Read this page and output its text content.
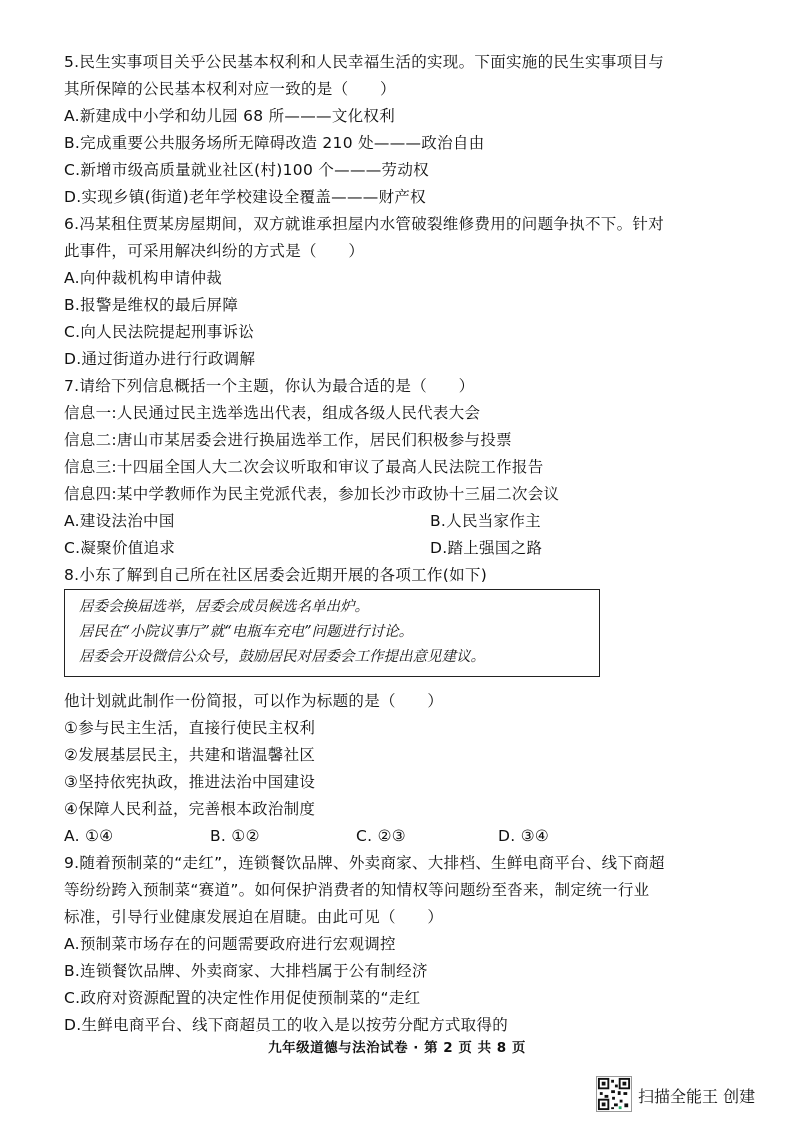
5.民生实事项目关乎公民基本权利和人民幸福生活的实现。下面实施的民生实事项目与
其所保障的公民基本权利对应一致的是（　　）
A.新建成中小学和幼儿园 68 所———文化权利
B.完成重要公共服务场所无障碍改造 210 处———政治自由
C.新增市级高质量就业社区(村)100 个———劳动权
D.实现乡镇(街道)老年学校建设全覆盖———财产权
6.冯某租住贾某房屋期间，双方就谁承担屋内水管破裂维修费用的问题争执不下。针对
此事件，可采用解决纠纷的方式是（　　）
A.向仲裁机构申请仲裁
B.报警是维权的最后屏障
C.向人民法院提起刑事诉讼
D.通过街道办进行行政调解
7.请给下列信息概括一个主题，你认为最合适的是（　　）
信息一:人民通过民主选举选出代表，组成各级人民代表大会
信息二:唐山市某居委会进行换届选举工作，居民们积极参与投票
信息三:十四届全国人大二次会议听取和审议了最高人民法院工作报告
信息四:某中学教师作为民主党派代表，参加长沙市政协十三届二次会议
A.建设法治中国	B.人民当家作主
C.凝聚价值追求	D.踏上强国之路
8.小东了解到自己所在社区居委会近期开展的各项工作(如下)
居委会换届选举，居委会成员候选名单出炉。
居民在“小院议事厅”就“电瓶车充电”问题进行讨论。
居委会开设微信公众号，鼓励居民对居委会工作提出意见建议。
他计划就此制作一份简报，可以作为标题的是（　　）
①参与民主生活，直接行使民主权利
②发展基层民主，共建和谐温馨社区
③坚持依宪执政，推进法治中国建设
④保障人民利益，完善根本政治制度
A. ①④	B. ①②	C. ②③	D. ③④
9.随着预制菜的“走红”，连锁餐饮品牌、外卖商家、大排档、生鲜电商平台、线下商超
等纷纷跨入预制菜“赛道”。如何保护消费者的知情权等问题纷至沓来，制定统一行业
标准，引导行业健康发展迫在眉睫。由此可见（　　）
A.预制菜市场存在的问题需要政府进行宏观调控
B.连锁餐饮品牌、外卖商家、大排档属于公有制经济
C.政府对资源配置的决定性作用促使预制菜的“走红
D.生鲜电商平台、线下商超员工的收入是以按劳分配方式取得的
九年级道德与法治试卷 · 第 2 页 共 8 页
扫描全能王 创建
